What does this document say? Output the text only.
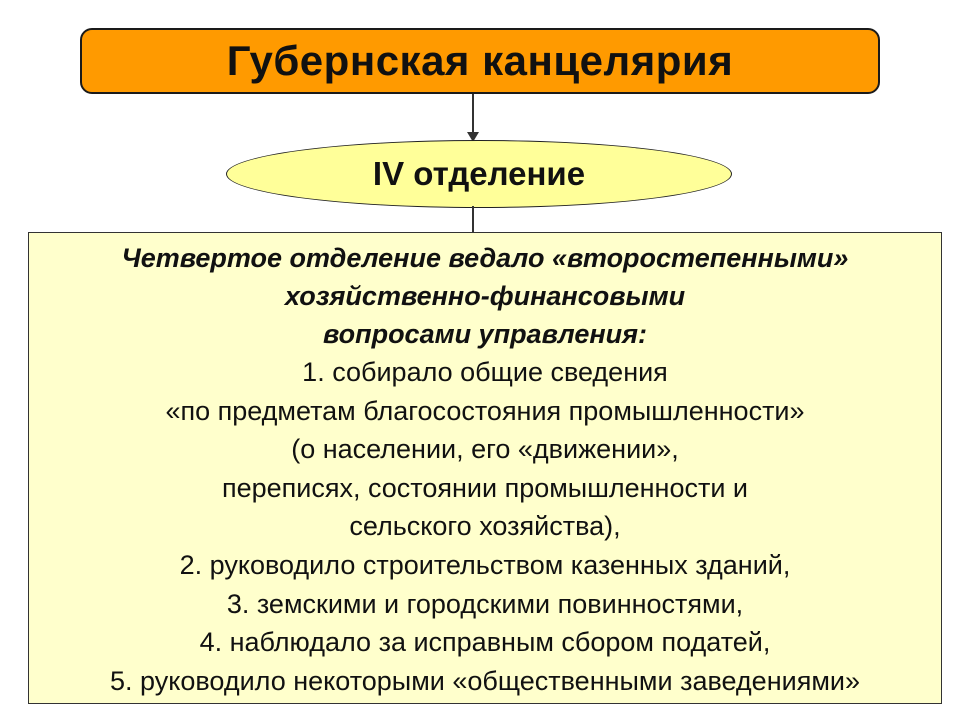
Губернская канцелярия
IV отделение
Четвертое отделение ведало «второстепенными»
хозяйственно-финансовыми
вопросами управления:
1. собирало общие сведения
«по предметам благосостояния промышленности»
(о населении, его «движении»,
переписях, состоянии промышленности и
сельского хозяйства),
2. руководило строительством казенных зданий,
3. земскими и городскими повинностями,
4. наблюдало за исправным сбором податей,
5. руководило некоторыми «общественными заведениями»
